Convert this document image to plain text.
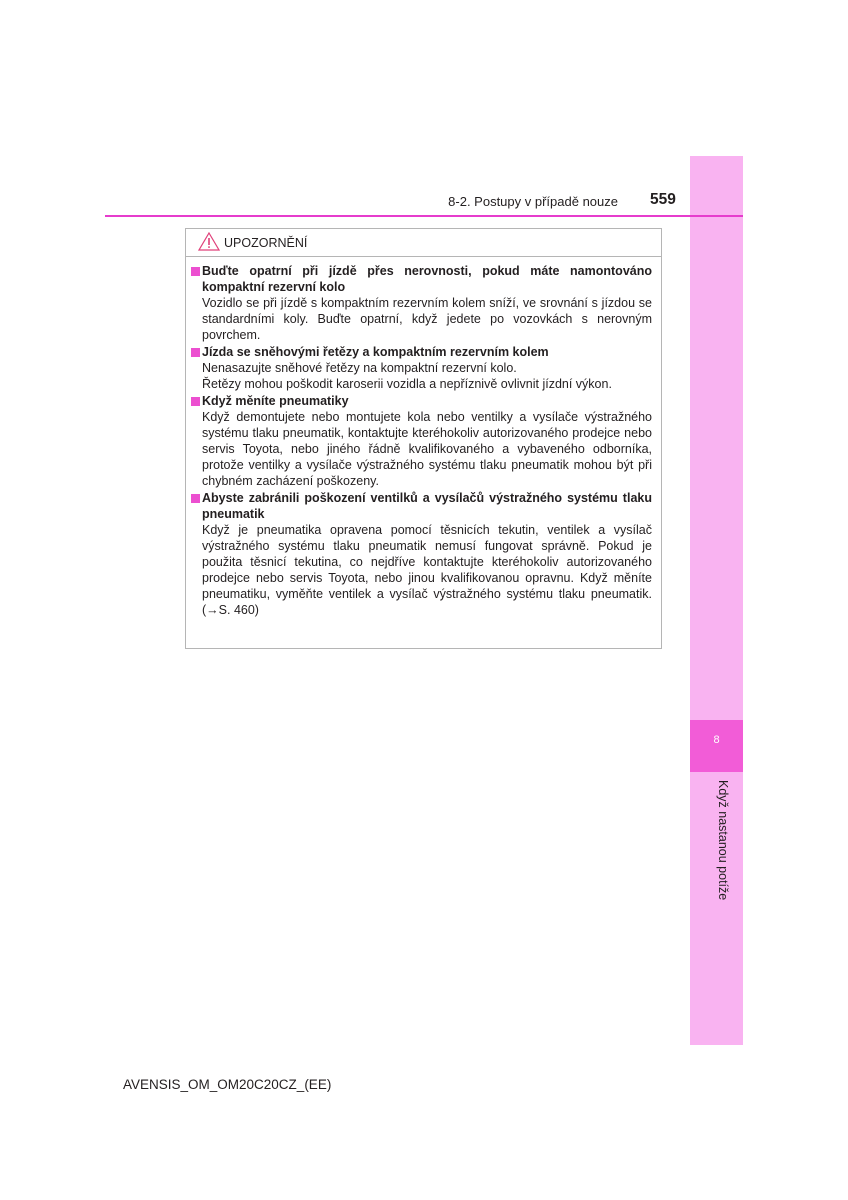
8
Když nastanou potíže
8-2. Postupy v případě nouze 559
UPOZORNĚNÍ
Buďte opatrní při jízdě přes nerovnosti, pokud máte namontováno kompaktní rezervní kolo
Vozidlo se při jízdě s kompaktním rezervním kolem sníží, ve srovnání s jízdou se standardními koly. Buďte opatrní, když jedete po vozovkách s nerovným povrchem.
Jízda se sněhovými řetězy a kompaktním rezervním kolem
Nenasazujte sněhové řetězy na kompaktní rezervní kolo.
Řetězy mohou poškodit karoserii vozidla a nepříznivě ovlivnit jízdní výkon.
Když měníte pneumatiky
Když demontujete nebo montujete kola nebo ventilky a vysílače výstražného systému tlaku pneumatik, kontaktujte kteréhokoliv autorizovaného prodejce nebo servis Toyota, nebo jiného řádně kvalifikovaného a vybaveného odborníka, protože ventilky a vysílače výstražného systému tlaku pneumatik mohou být při chybném zacházení poškozeny.
Abyste zabránili poškození ventilků a vysílačů výstražného systému tlaku pneumatik
Když je pneumatika opravena pomocí těsnicích tekutin, ventilek a vysílač výstražného systému tlaku pneumatik nemusí fungovat správně. Pokud je použita těsnicí tekutina, co nejdříve kontaktujte kteréhokoliv autorizovaného prodejce nebo servis Toyota, nebo jinou kvalifikovanou opravnu. Když měníte pneumatiku, vyměňte ventilek a vysílač výstražného systému tlaku pneumatik. (→S. 460)
AVENSIS_OM_OM20C20CZ_(EE)
